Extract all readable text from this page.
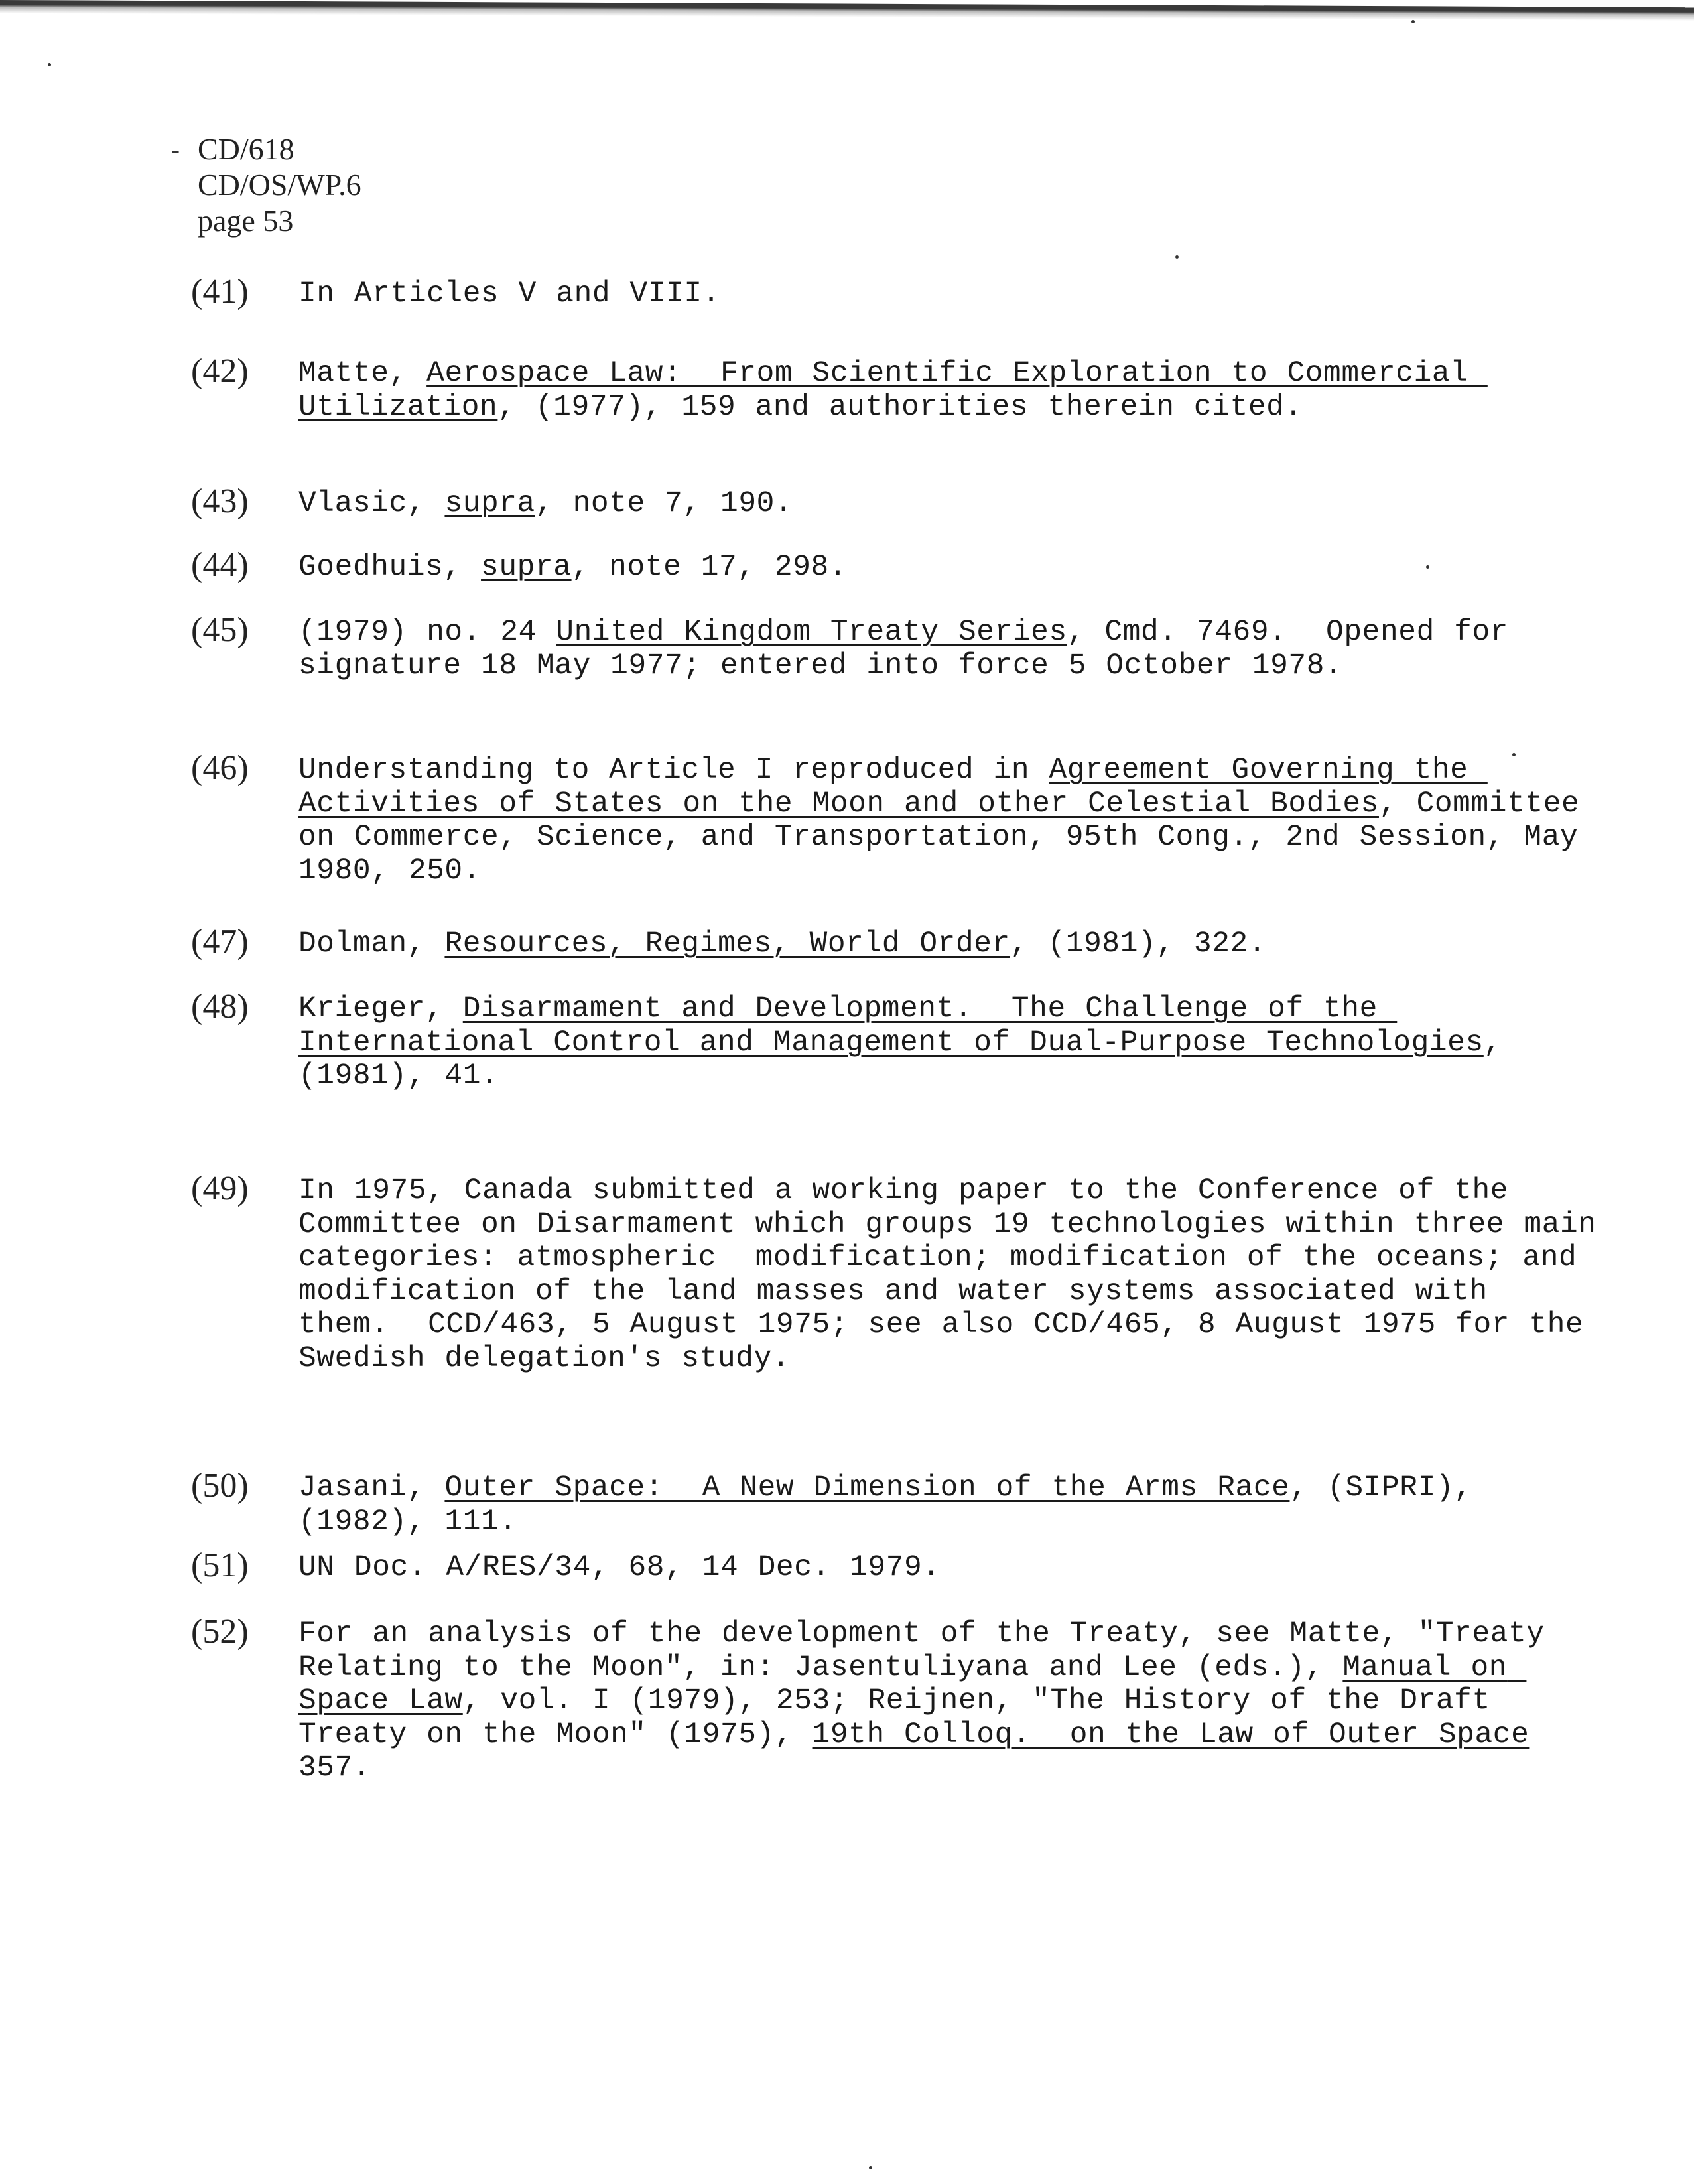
- CD/618
CD/OS/WP.6
page 53
(41)	In Articles V and VIII.
(42)	Matte, Aerospace Law:  From Scientific Exploration to Commercial Utilization, (1977), 159 and authorities therein cited.
(43)	Vlasic, supra, note 7, 190.
(44)	Goedhuis, supra, note 17, 298.
(45)	(1979) no. 24 United Kingdom Treaty Series, Cmd. 7469.  Opened for signature 18 May 1977; entered into force 5 October 1978.
(46)	Understanding to Article I reproduced in Agreement Governing the Activities of States on the Moon and other Celestial Bodies, Committee on Commerce, Science, and Transportation, 95th Cong., 2nd Session, May 1980, 250.
(47)	Dolman, Resources, Regimes, World Order, (1981), 322.
(48)	Krieger, Disarmament and Development.  The Challenge of the International Control and Management of Dual-Purpose Technologies, (1981), 41.
(49)	In 1975, Canada submitted a working paper to the Conference of the Committee on Disarmament which groups 19 technologies within three main categories: atmospheric  modification; modification of the oceans; and modification of the land masses and water systems associated with them.  CCD/463, 5 August 1975; see also CCD/465, 8 August 1975 for the Swedish delegation's study.
(50)	Jasani, Outer Space:  A New Dimension of the Arms Race, (SIPRI), (1982), 111.
(51)	UN Doc. A/RES/34, 68, 14 Dec. 1979.
(52)	For an analysis of the development of the Treaty, see Matte, "Treaty Relating to the Moon", in: Jasentuliyana and Lee (eds.), Manual on Space Law, vol. I (1979), 253; Reijnen, "The History of the Draft Treaty on the Moon" (1975), 19th Colloq.  on the Law of Outer Space 357.
